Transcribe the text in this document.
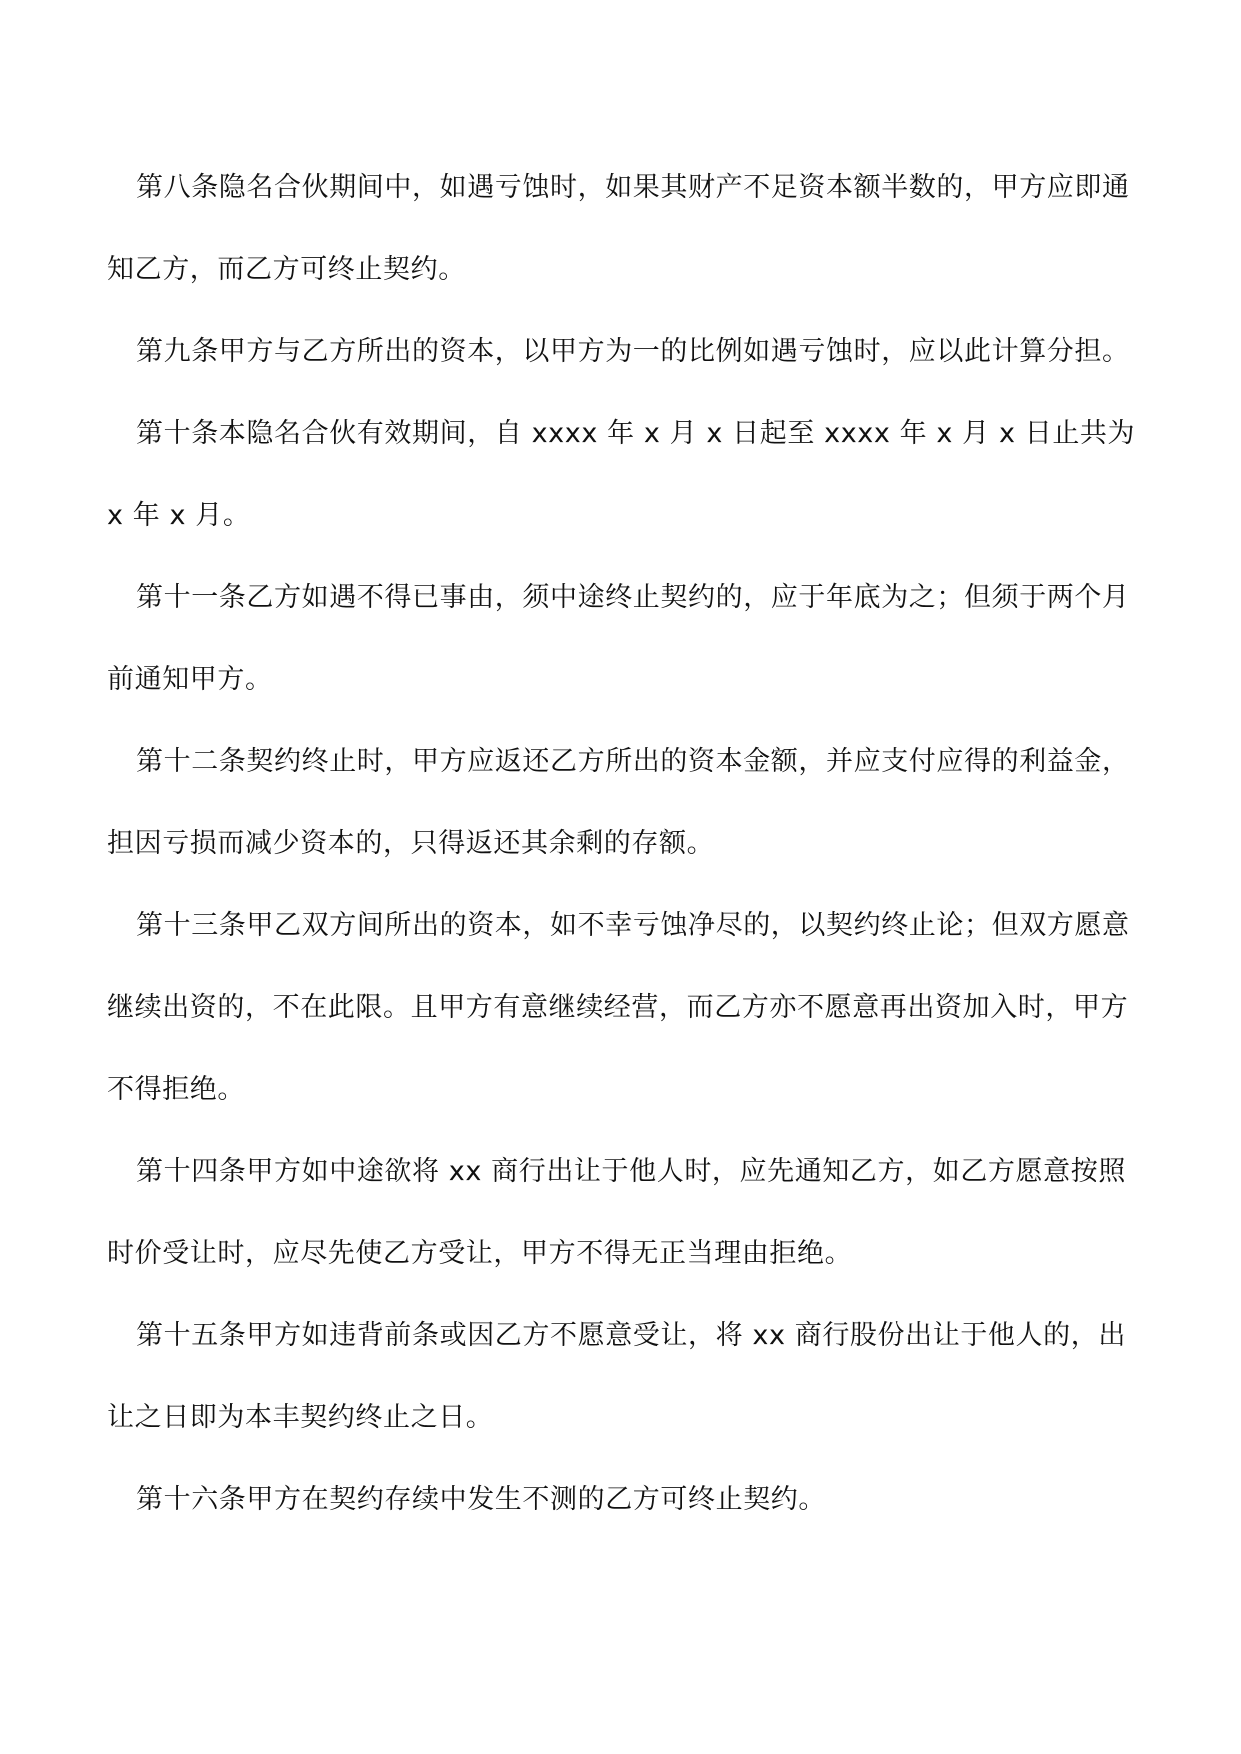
第八条隐名合伙期间中，如遇亏蚀时，如果其财产不足资本额半数的，甲方应即通知乙方，而乙方可终止契约。

第九条甲方与乙方所出的资本，以甲方为一的比例如遇亏蚀时，应以此计算分担。

第十条本隐名合伙有效期间，自 xxxx 年 x 月 x 日起至 xxxx 年 x 月 x 日止共为 x 年 x 月。

第十一条乙方如遇不得已事由，须中途终止契约的，应于年底为之；但须于两个月前通知甲方。

第十二条契约终止时，甲方应返还乙方所出的资本金额，并应支付应得的利益金，担因亏损而减少资本的，只得返还其余剩的存额。

第十三条甲乙双方间所出的资本，如不幸亏蚀净尽的，以契约终止论；但双方愿意继续出资的，不在此限。且甲方有意继续经营，而乙方亦不愿意再出资加入时，甲方不得拒绝。

第十四条甲方如中途欲将 xx 商行出让于他人时，应先通知乙方，如乙方愿意按照时价受让时，应尽先使乙方受让，甲方不得无正当理由拒绝。

第十五条甲方如违背前条或因乙方不愿意受让，将 xx 商行股份出让于他人的，出让之日即为本丰契约终止之日。

第十六条甲方在契约存续中发生不测的乙方可终止契约。
